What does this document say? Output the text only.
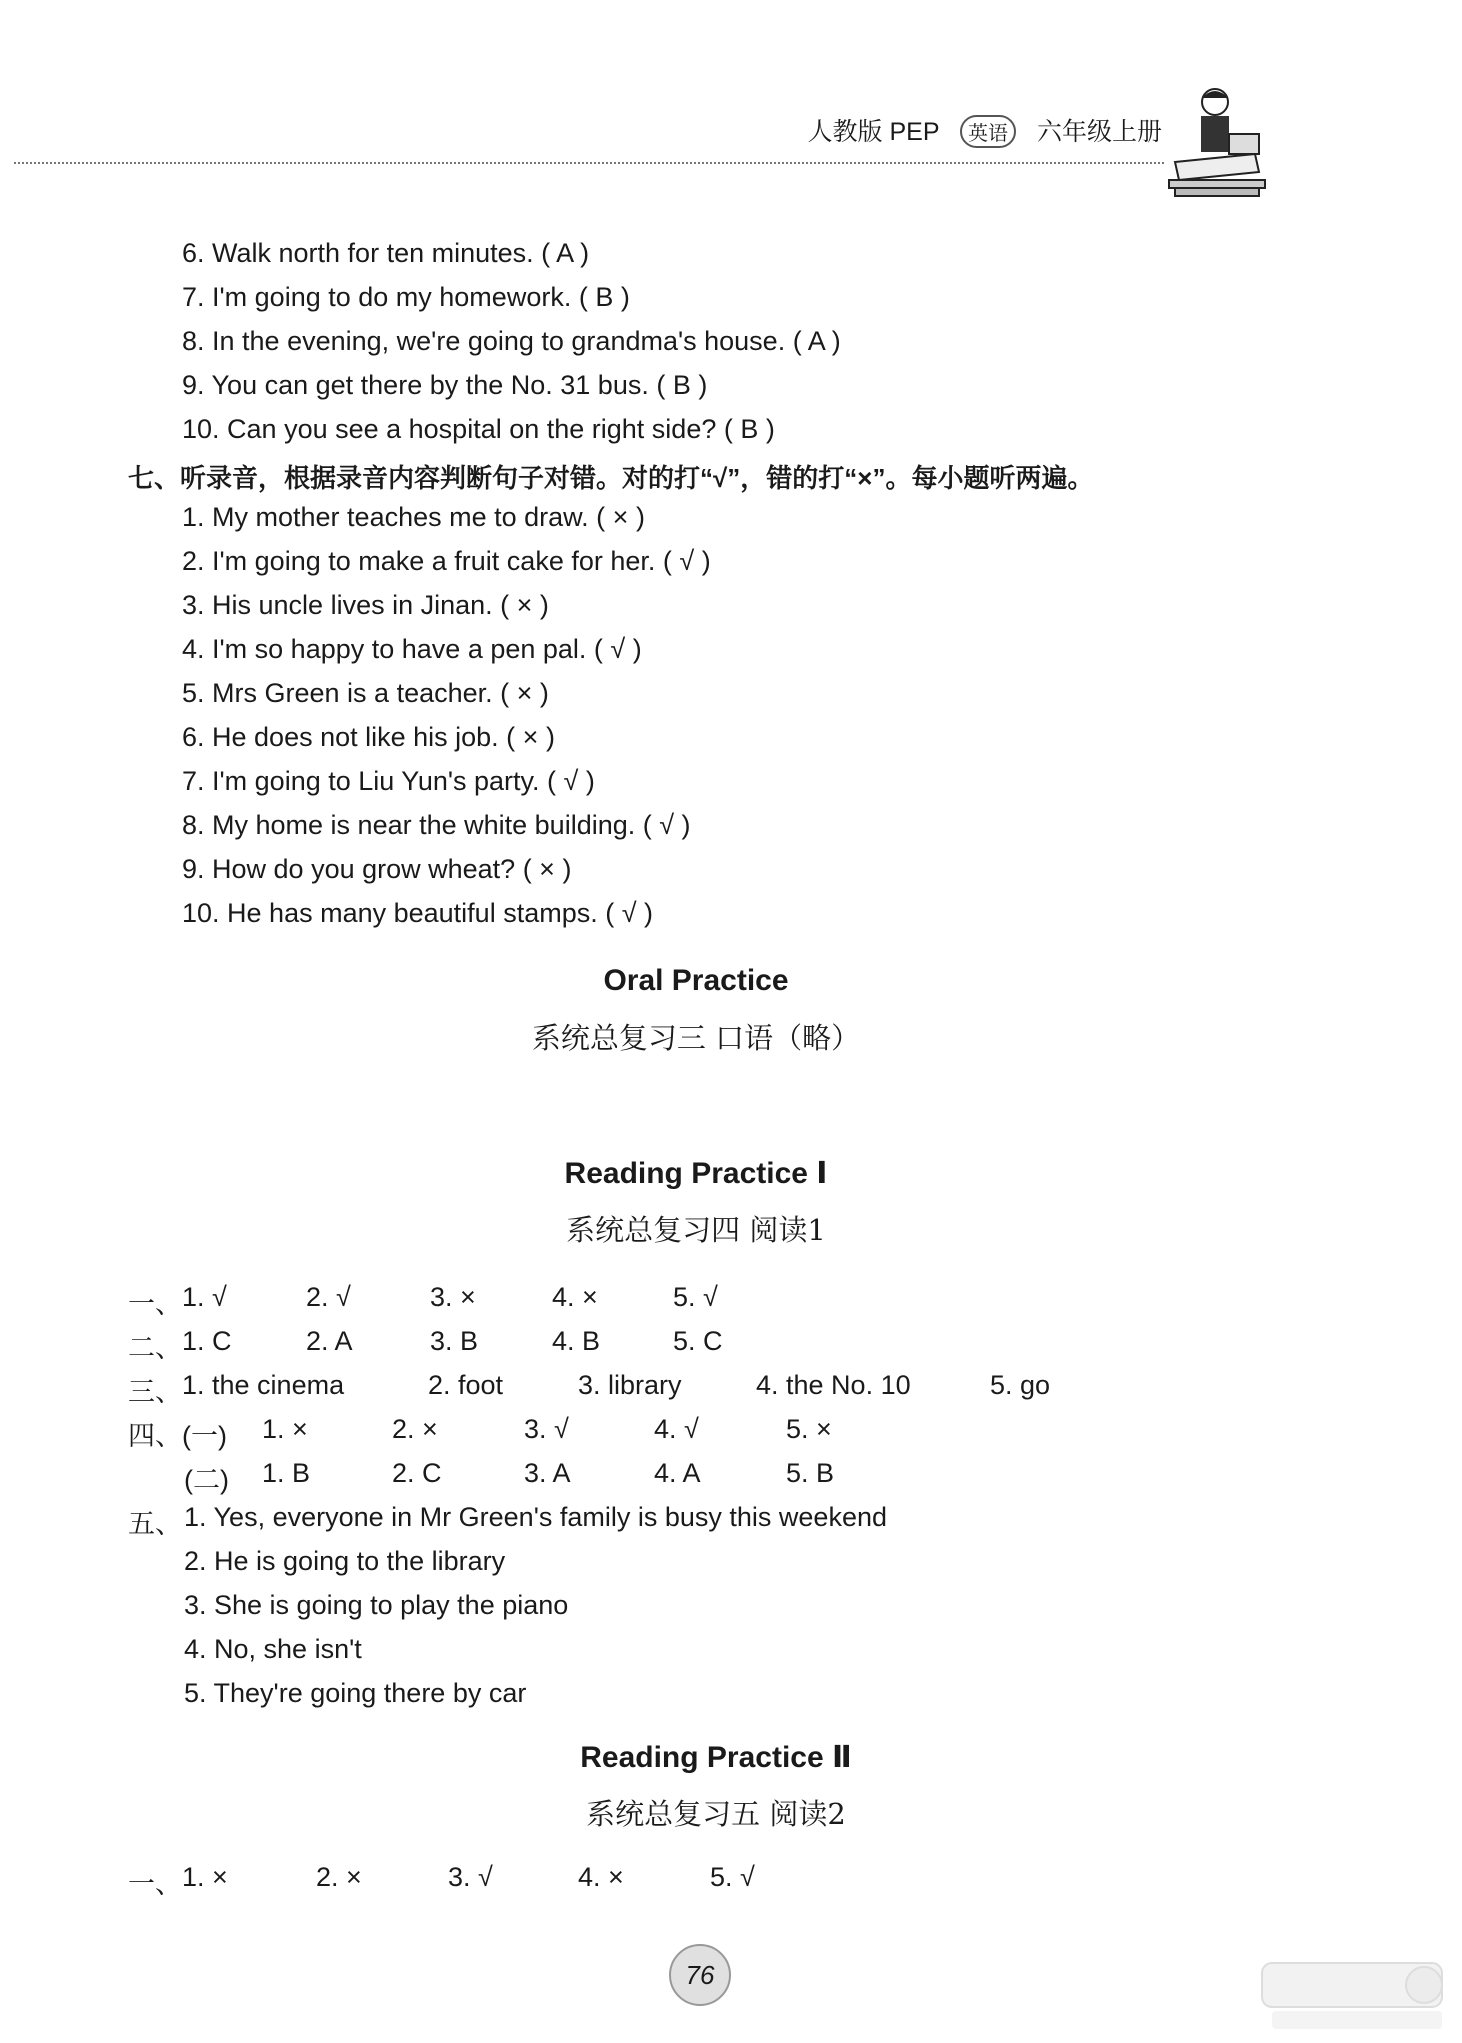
人教版 PEP 英语 六年级上册
6. Walk north for ten minutes. ( A )
7. I'm going to do my homework. ( B )
8. In the evening, we're going to grandma's house. ( A )
9. You can get there by the No. 31 bus. ( B )
10. Can you see a hospital on the right side? ( B )
七、听录音，根据录音内容判断句子对错。对的打“√”，错的打“×”。每小题听两遍。
1. My mother teaches me to draw. ( × )
2. I'm going to make a fruit cake for her. ( √ )
3. His uncle lives in Jinan. ( × )
4. I'm so happy to have a pen pal. ( √ )
5. Mrs Green is a teacher. ( × )
6. He does not like his job. ( × )
7. I'm going to Liu Yun's party. ( √ )
8. My home is near the white building. ( √ )
9. How do you grow wheat? ( × )
10. He has many beautiful stamps. ( √ )
Oral Practice
系统总复习三 口语（略）
Reading Practice Ⅰ
系统总复习四 阅读1
一、 1. √	2. √	3. ×	4. ×	5. √
二、 1. C	2. A	3. B	4. B	5. C
三、 1. the cinema	2. foot	3. library	4. the No. 10	5. go
四、(一) 1. ×	2. ×	3. √	4. √	5. ×
(二) 1. B	2. C	3. A	4. A	5. B
五、 1. Yes, everyone in Mr Green's family is busy this weekend
2. He is going to the library
3. She is going to play the piano
4. No, she isn't
5. They're going there by car
Reading Practice Ⅱ
系统总复习五 阅读2
一、 1. ×	2. ×	3. √	4. ×	5. √
76
